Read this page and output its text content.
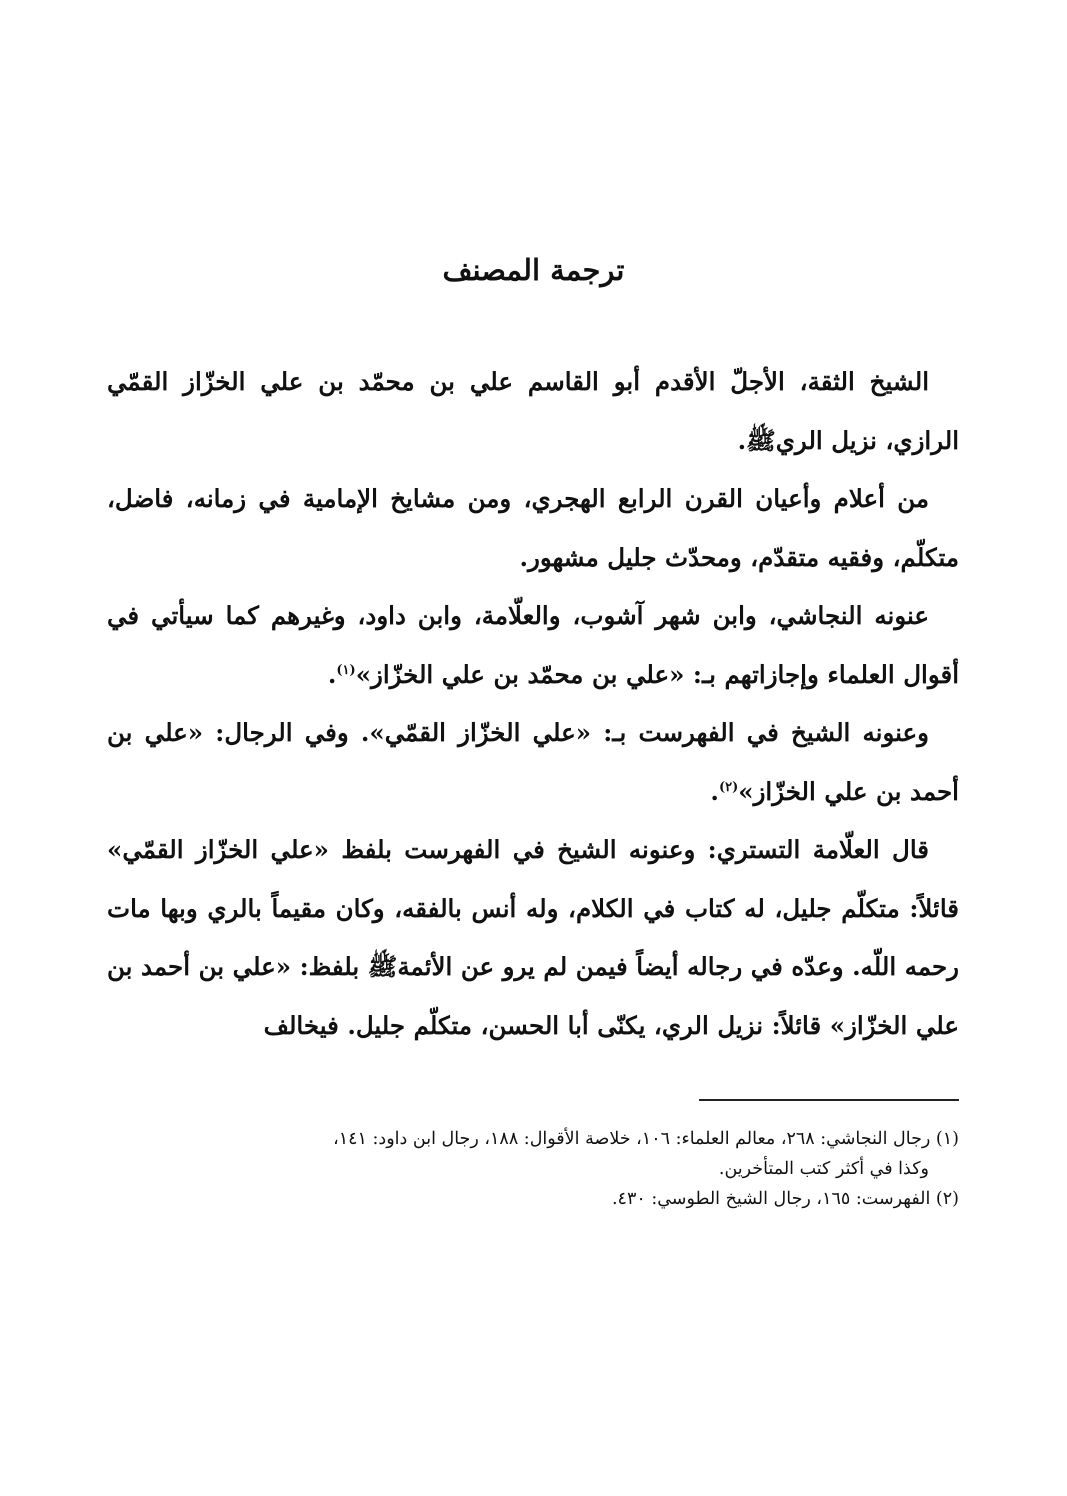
ترجمة المصنف

الشيخ الثقة، الأجلّ الأقدم أبو القاسم علي بن محمّد بن علي الخزّاز القمّي الرازي، نزيل الريﷺ.

من أعلام وأعيان القرن الرابع الهجري، ومن مشايخ الإمامية في زمانه، فاضل، متكلّم، وفقيه متقدّم، ومحدّث جليل مشهور.

عنونه النجاشي، وابن شهر آشوب، والعلّامة، وابن داود، وغيرهم كما سيأتي في أقوال العلماء وإجازاتهم بـ: «علي بن محمّد بن علي الخزّاز»$^{(١)}$.

وعنونه الشيخ في الفهرست بـ: «علي الخزّاز القمّي». وفي الرجال: «علي بن أحمد بن علي الخزّاز»$^{(٢)}$.

قال العلّامة التستري: وعنونه الشيخ في الفهرست بلفظ «علي الخزّاز القمّي» قائلاً: متكلّم جليل، له كتاب في الكلام، وله أنس بالفقه، وكان مقيماً بالري وبها مات رحمه اللّه. وعدّه في رجاله أيضاً فيمن لم يرو عن الأئمةﷺ بلفظ: «علي بن أحمد بن علي الخزّاز» قائلاً: نزيل الري، يكنّى أبا الحسن، متكلّم جليل. فيخالف

(١) رجال النجاشي: ٢٦٨، معالم العلماء: ١٠٦، خلاصة الأقوال: ١٨٨، رجال ابن داود: ١٤١،

وكذا في أكثر كتب المتأخرين.

(٢) الفهرست: ١٦٥، رجال الشيخ الطوسي: ٤٣٠.
